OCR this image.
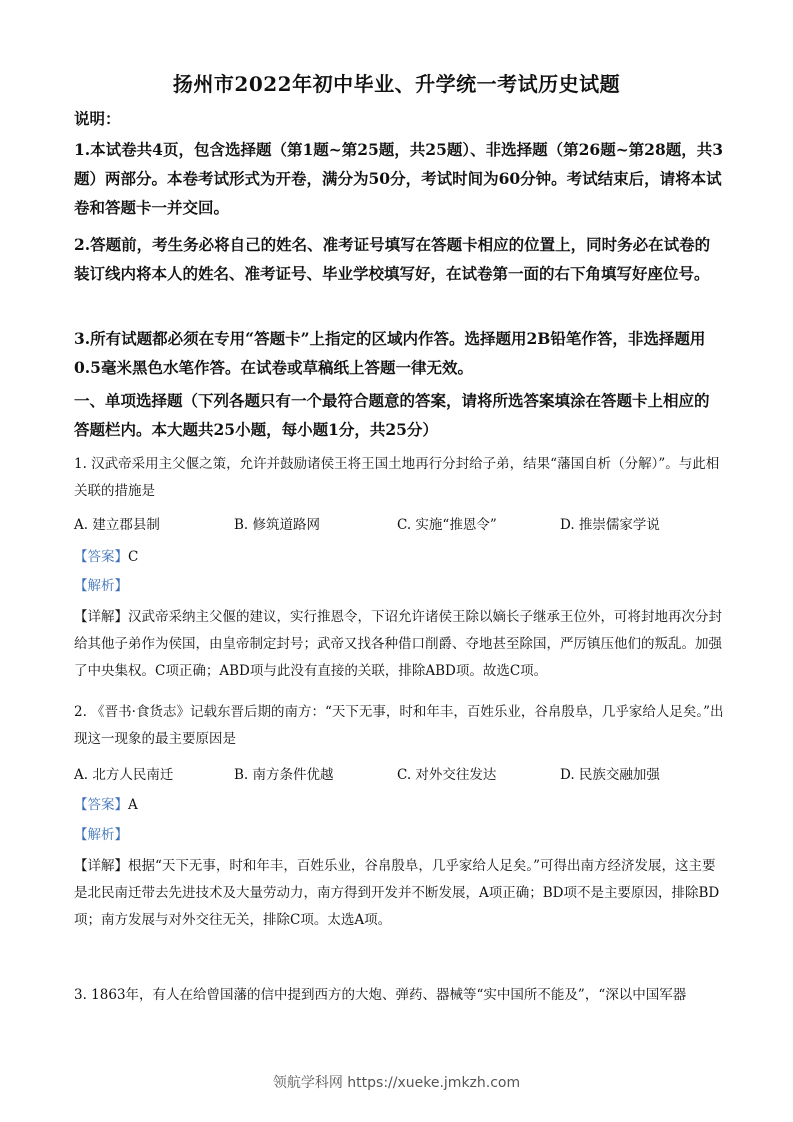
扬州市2022年初中毕业、升学统一考试历史试题

说明：

1.本试卷共4页，包含选择题（第1题~第25题，共25题）、非选择题（第26题~第28题，共3题）两部分。本卷考试形式为开卷，满分为50分，考试时间为60分钟。考试结束后，请将本试卷和答题卡一并交回。

2.答题前，考生务必将自己的姓名、准考证号填写在答题卡相应的位置上，同时务必在试卷的装订线内将本人的姓名、准考证号、毕业学校填写好，在试卷第一面的右下角填写好座位号。

3.所有试题都必须在专用“答题卡”上指定的区域内作答。选择题用2B铅笔作答，非选择题用0.5毫米黑色水笔作答。在试卷或草稿纸上答题一律无效。

一、单项选择题（下列各题只有一个最符合题意的答案，请将所选答案填涂在答题卡上相应的答题栏内。本大题共25小题，每小题1分，共25分）

1. 汉武帝采用主父偃之策，允许并鼓励诸侯王将王国土地再行分封给子弟，结果“藩国自析（分解）”。与此相关联的措施是

A. 建立郡县制	B. 修筑道路网	C. 实施“推恩令”	D. 推崇儒家学说

【答案】C

【解析】

【详解】汉武帝采纳主父偃的建议，实行推恩令，下诏允许诸侯王除以嫡长子继承王位外，可将封地再次分封给其他子弟作为侯国，由皇帝制定封号；武帝又找各种借口削爵、夺地甚至除国，严厉镇压他们的叛乱。加强了中央集权。C项正确；ABD项与此没有直接的关联，排除ABD项。故选C项。

2. 《晋书·食货志》记载东晋后期的南方：“天下无事，时和年丰，百姓乐业，谷帛殷阜，几乎家给人足矣。”出现这一现象的最主要原因是

A. 北方人民南迁	B. 南方条件优越	C. 对外交往发达	D. 民族交融加强

【答案】A

【解析】

【详解】根据“天下无事，时和年丰，百姓乐业，谷帛殷阜，几乎家给人足矣。”可得出南方经济发展，这主要是北民南迁带去先进技术及大量劳动力，南方得到开发并不断发展，A项正确；BD项不是主要原因，排除BD项；南方发展与对外交往无关，排除C项。太选A项。

3. 1863年，有人在给曾国藩的信中提到西方的大炮、弹药、器械等“实中国所不能及”，“深以中国军器

领航学科网 https://xueke.jmkzh.com
